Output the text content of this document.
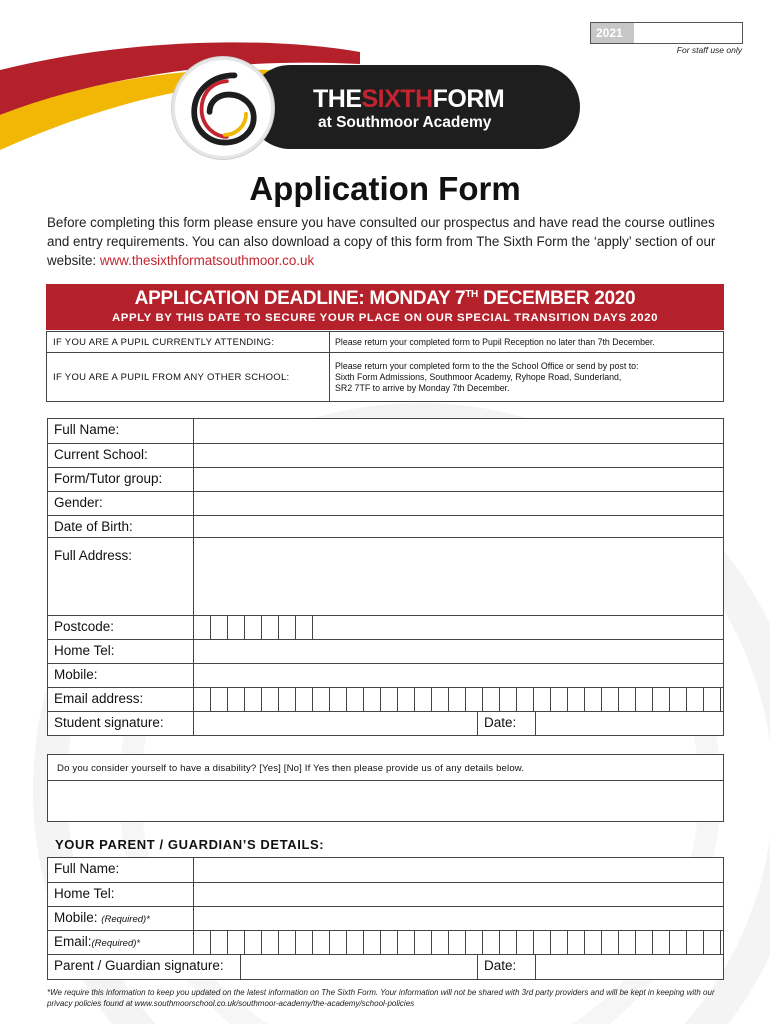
2021
For staff use only
THESIXTHFORM
at Southmoor Academy
Application Form
Before completing this form please ensure you have consulted our prospectus and have read the course outlines and entry requirements. You can also download a copy of this form from The Sixth Form the ‘apply’ section of our website: www.thesixthformatsouthmoor.co.uk
APPLICATION DEADLINE: MONDAY 7TH DECEMBER 2020
APPLY BY THIS DATE TO SECURE YOUR PLACE ON OUR SPECIAL TRANSITION DAYS 2020
IF YOU ARE A PUPIL CURRENTLY ATTENDING:	Please return your completed form to Pupil Reception no later than 7th December.
IF YOU ARE A PUPIL FROM ANY OTHER SCHOOL:
Please return your completed form to the the School Office or send by post to:
Sixth Form Admissions, Southmoor Academy, Ryhope Road, Sunderland,
SR2 7TF to arrive by Monday 7th December.
Full Name:
Current School:
Form/Tutor group:
Gender:
Date of Birth:
Full Address:
Postcode:
Home Tel:
Mobile:
Email address:
Student signature:	Date:
Do you consider yourself to have a disability? [Yes] [No] If Yes then please provide us of any details below.
YOUR PARENT / GUARDIAN’S DETAILS:
Full Name:
Home Tel:
Mobile: (Required)*
Email:(Required)*
Parent / Guardian signature:	Date:
*We require this information to keep you updated on the latest information on The Sixth Form. Your information will not be shared with 3rd party providers and will be kept in keeping with our privacy policies found at www.southmoorschool.co.uk/southmoor-academy/the-academy/school-policies
